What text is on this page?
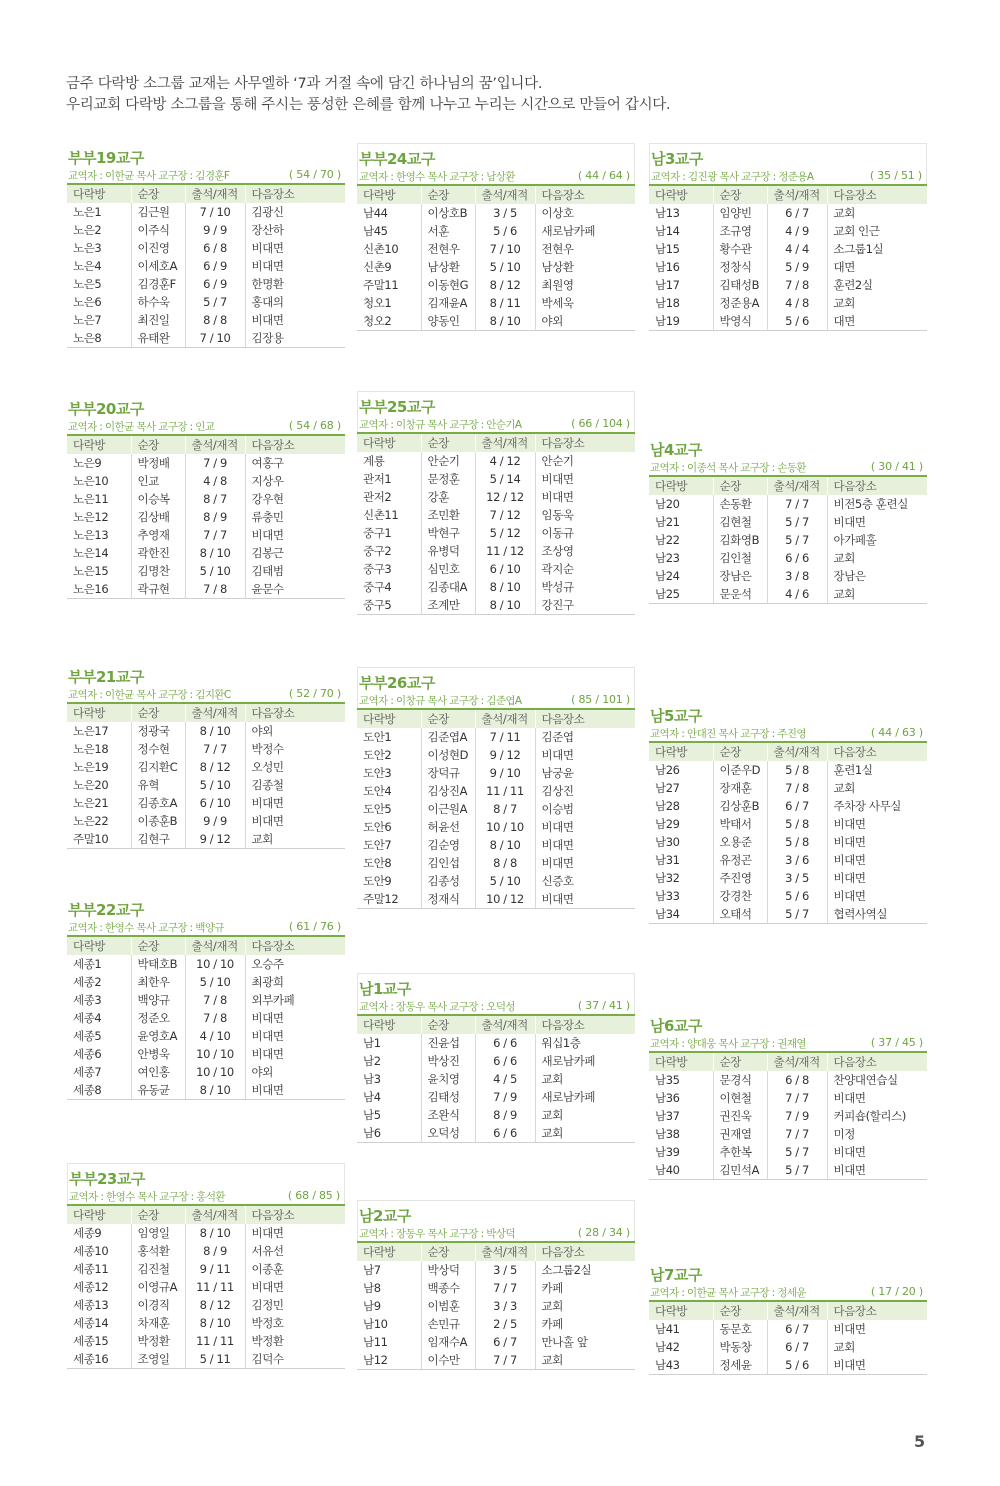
금주 다락방 소그룹 교재는 사무엘하 ‘7과 거절 속에 담긴 하나님의 꿈’입니다.
우리교회 다락방 소그룹을 통해 주시는 풍성한 은혜를 함께 나누고 누리는 시간으로 만들어 갑시다.
부부19교구
교역자 : 이한균 목사 교구장 : 김경훈F	( 54 / 70 )
다락방	순장	출석/재적	다음장소
노은1	김근원	7 / 10	김광신
노은2	이주식	9 / 9	장산하
노은3	이진영	6 / 8	비대면
노은4	이세호A	6 / 9	비대면
노은5	김경훈F	6 / 9	한명환
노은6	하수욱	5 / 7	홍대의
노은7	최진일	8 / 8	비대면
노은8	유태완	7 / 10	김장용
부부20교구
교역자 : 이한균 목사 교구장 : 인교	( 54 / 68 )
다락방	순장	출석/재적	다음장소
노은9	박정배	7 / 9	여홍구
노은10	인교	4 / 8	지상우
노은11	이승복	8 / 7	강우현
노은12	김상배	8 / 9	류충민
노은13	추영재	7 / 7	비대면
노은14	곽한진	8 / 10	김봉근
노은15	김명찬	5 / 10	김태범
노은16	곽규현	7 / 8	윤문수
부부21교구
교역자 : 이한균 목사 교구장 : 김지환C	( 52 / 70 )
다락방	순장	출석/재적	다음장소
노은17	정광국	8 / 10	야외
노은18	정수현	7 / 7	박정수
노은19	김지환C	8 / 12	오성민
노은20	유혁	5 / 10	김종철
노은21	김종호A	6 / 10	비대면
노은22	이종훈B	9 / 9	비대면
주말10	김현구	9 / 12	교회
부부22교구
교역자 : 한영수 목사 교구장 : 백양규	( 61 / 76 )
다락방	순장	출석/재적	다음장소
세종1	박태호B	10 / 10	오승주
세종2	최한우	5 / 10	최광희
세종3	백양규	7 / 8	외부카페
세종4	정준오	7 / 8	비대면
세종5	윤영호A	4 / 10	비대면
세종6	안병욱	10 / 10	비대면
세종7	여인홍	10 / 10	야외
세종8	유동균	8 / 10	비대면
부부23교구
교역자 : 한영수 목사 교구장 : 홍석환	( 68 / 85 )
다락방	순장	출석/재적	다음장소
세종9	임영일	8 / 10	비대면
세종10	홍석환	8 / 9	서유선
세종11	김진철	9 / 11	이종훈
세종12	이영규A	11 / 11	비대면
세종13	이경직	8 / 12	김정민
세종14	차재훈	8 / 10	박정호
세종15	박정환	11 / 11	박정환
세종16	조영일	5 / 11	김덕수
부부24교구
교역자 : 한영수 목사 교구장 : 남상환	( 44 / 64 )
다락방	순장	출석/재적	다음장소
남44	이상호B	3 / 5	이상호
남45	서훈	5 / 6	새로남카페
신촌10	전현우	7 / 10	전현우
신촌9	남상환	5 / 10	남상환
주말11	이동현G	8 / 12	최원영
청오1	김재윤A	8 / 11	박세욱
청오2	양동인	8 / 10	야외
부부25교구
교역자 : 이창규 목사 교구장 : 안순기A	( 66 / 104 )
다락방	순장	출석/재적	다음장소
계룡	안순기	4 / 12	안순기
관저1	문정훈	5 / 14	비대면
관저2	강훈	12 / 12	비대면
신촌11	조민환	7 / 12	임동욱
중구1	박현구	5 / 12	이동규
중구2	유병덕	11 / 12	조상영
중구3	심민호	6 / 10	곽지순
중구4	김종대A	8 / 10	박성규
중구5	조계만	8 / 10	강진구
부부26교구
교역자 : 이창규 목사 교구장 : 김준엽A	( 85 / 101 )
다락방	순장	출석/재적	다음장소
도안1	김준엽A	7 / 11	김준엽
도안2	이성현D	9 / 12	비대면
도안3	장덕규	9 / 10	남궁윤
도안4	김상진A	11 / 11	김상진
도안5	이근원A	8 / 7	이승범
도안6	허윤선	10 / 10	비대면
도안7	김순영	8 / 10	비대면
도안8	김인섭	8 / 8	비대면
도안9	김종성	5 / 10	신증호
주말12	정재식	10 / 12	비대면
남1교구
교역자 : 장동우 목사 교구장 : 오덕성	( 37 / 41 )
다락방	순장	출석/재적	다음장소
남1	진윤섭	6 / 6	워십1층
남2	박상진	6 / 6	새로남카페
남3	윤치영	4 / 5	교회
남4	김태성	7 / 9	새로남카페
남5	조완식	8 / 9	교회
남6	오덕성	6 / 6	교회
남2교구
교역자 : 장동우 목사 교구장 : 박상덕	( 28 / 34 )
다락방	순장	출석/재적	다음장소
남7	박상덕	3 / 5	소그룹2실
남8	백종수	7 / 7	카페
남9	이범훈	3 / 3	교회
남10	손민규	2 / 5	카페
남11	임재수A	6 / 7	만나홀 앞
남12	이수만	7 / 7	교회
남3교구
교역자 : 김진광 목사 교구장 : 정준용A	( 35 / 51 )
다락방	순장	출석/재적	다음장소
남13	임양빈	6 / 7	교회
남14	조규영	4 / 9	교회 인근
남15	황수관	4 / 4	소그룹1실
남16	정창식	5 / 9	대면
남17	김태성B	7 / 8	훈련2실
남18	정준용A	4 / 8	교회
남19	박영식	5 / 6	대면
남4교구
교역자 : 이종석 목사 교구장 : 손동환	( 30 / 41 )
다락방	순장	출석/재적	다음장소
남20	손동환	7 / 7	비전5층 훈련실
남21	김현철	5 / 7	비대면
남22	김화영B	5 / 7	아가페홀
남23	김인철	6 / 6	교회
남24	장남은	3 / 8	장남은
남25	문운석	4 / 6	교회
남5교구
교역자 : 안대진 목사 교구장 : 주진영	( 44 / 63 )
다락방	순장	출석/재적	다음장소
남26	이준우D	5 / 8	훈련1실
남27	장재훈	7 / 8	교회
남28	김상훈B	6 / 7	주차장 사무실
남29	박태서	5 / 8	비대면
남30	오용준	5 / 8	비대면
남31	유정곤	3 / 6	비대면
남32	주진영	3 / 5	비대면
남33	강경찬	5 / 6	비대면
남34	오태석	5 / 7	협력사역실
남6교구
교역자 : 양대웅 목사 교구장 : 권재열	( 37 / 45 )
다락방	순장	출석/재적	다음장소
남35	문경식	6 / 8	찬양대연습실
남36	이현철	7 / 7	비대면
남37	권진욱	7 / 9	커피숍(할리스)
남38	권재열	7 / 7	미정
남39	추한복	5 / 7	비대면
남40	김민석A	5 / 7	비대면
남7교구
교역자 : 이한균 목사 교구장 : 정세윤	( 17 / 20 )
다락방	순장	출석/재적	다음장소
남41	동문호	6 / 7	비대면
남42	박동창	6 / 7	교회
남43	정세윤	5 / 6	비대면
5
